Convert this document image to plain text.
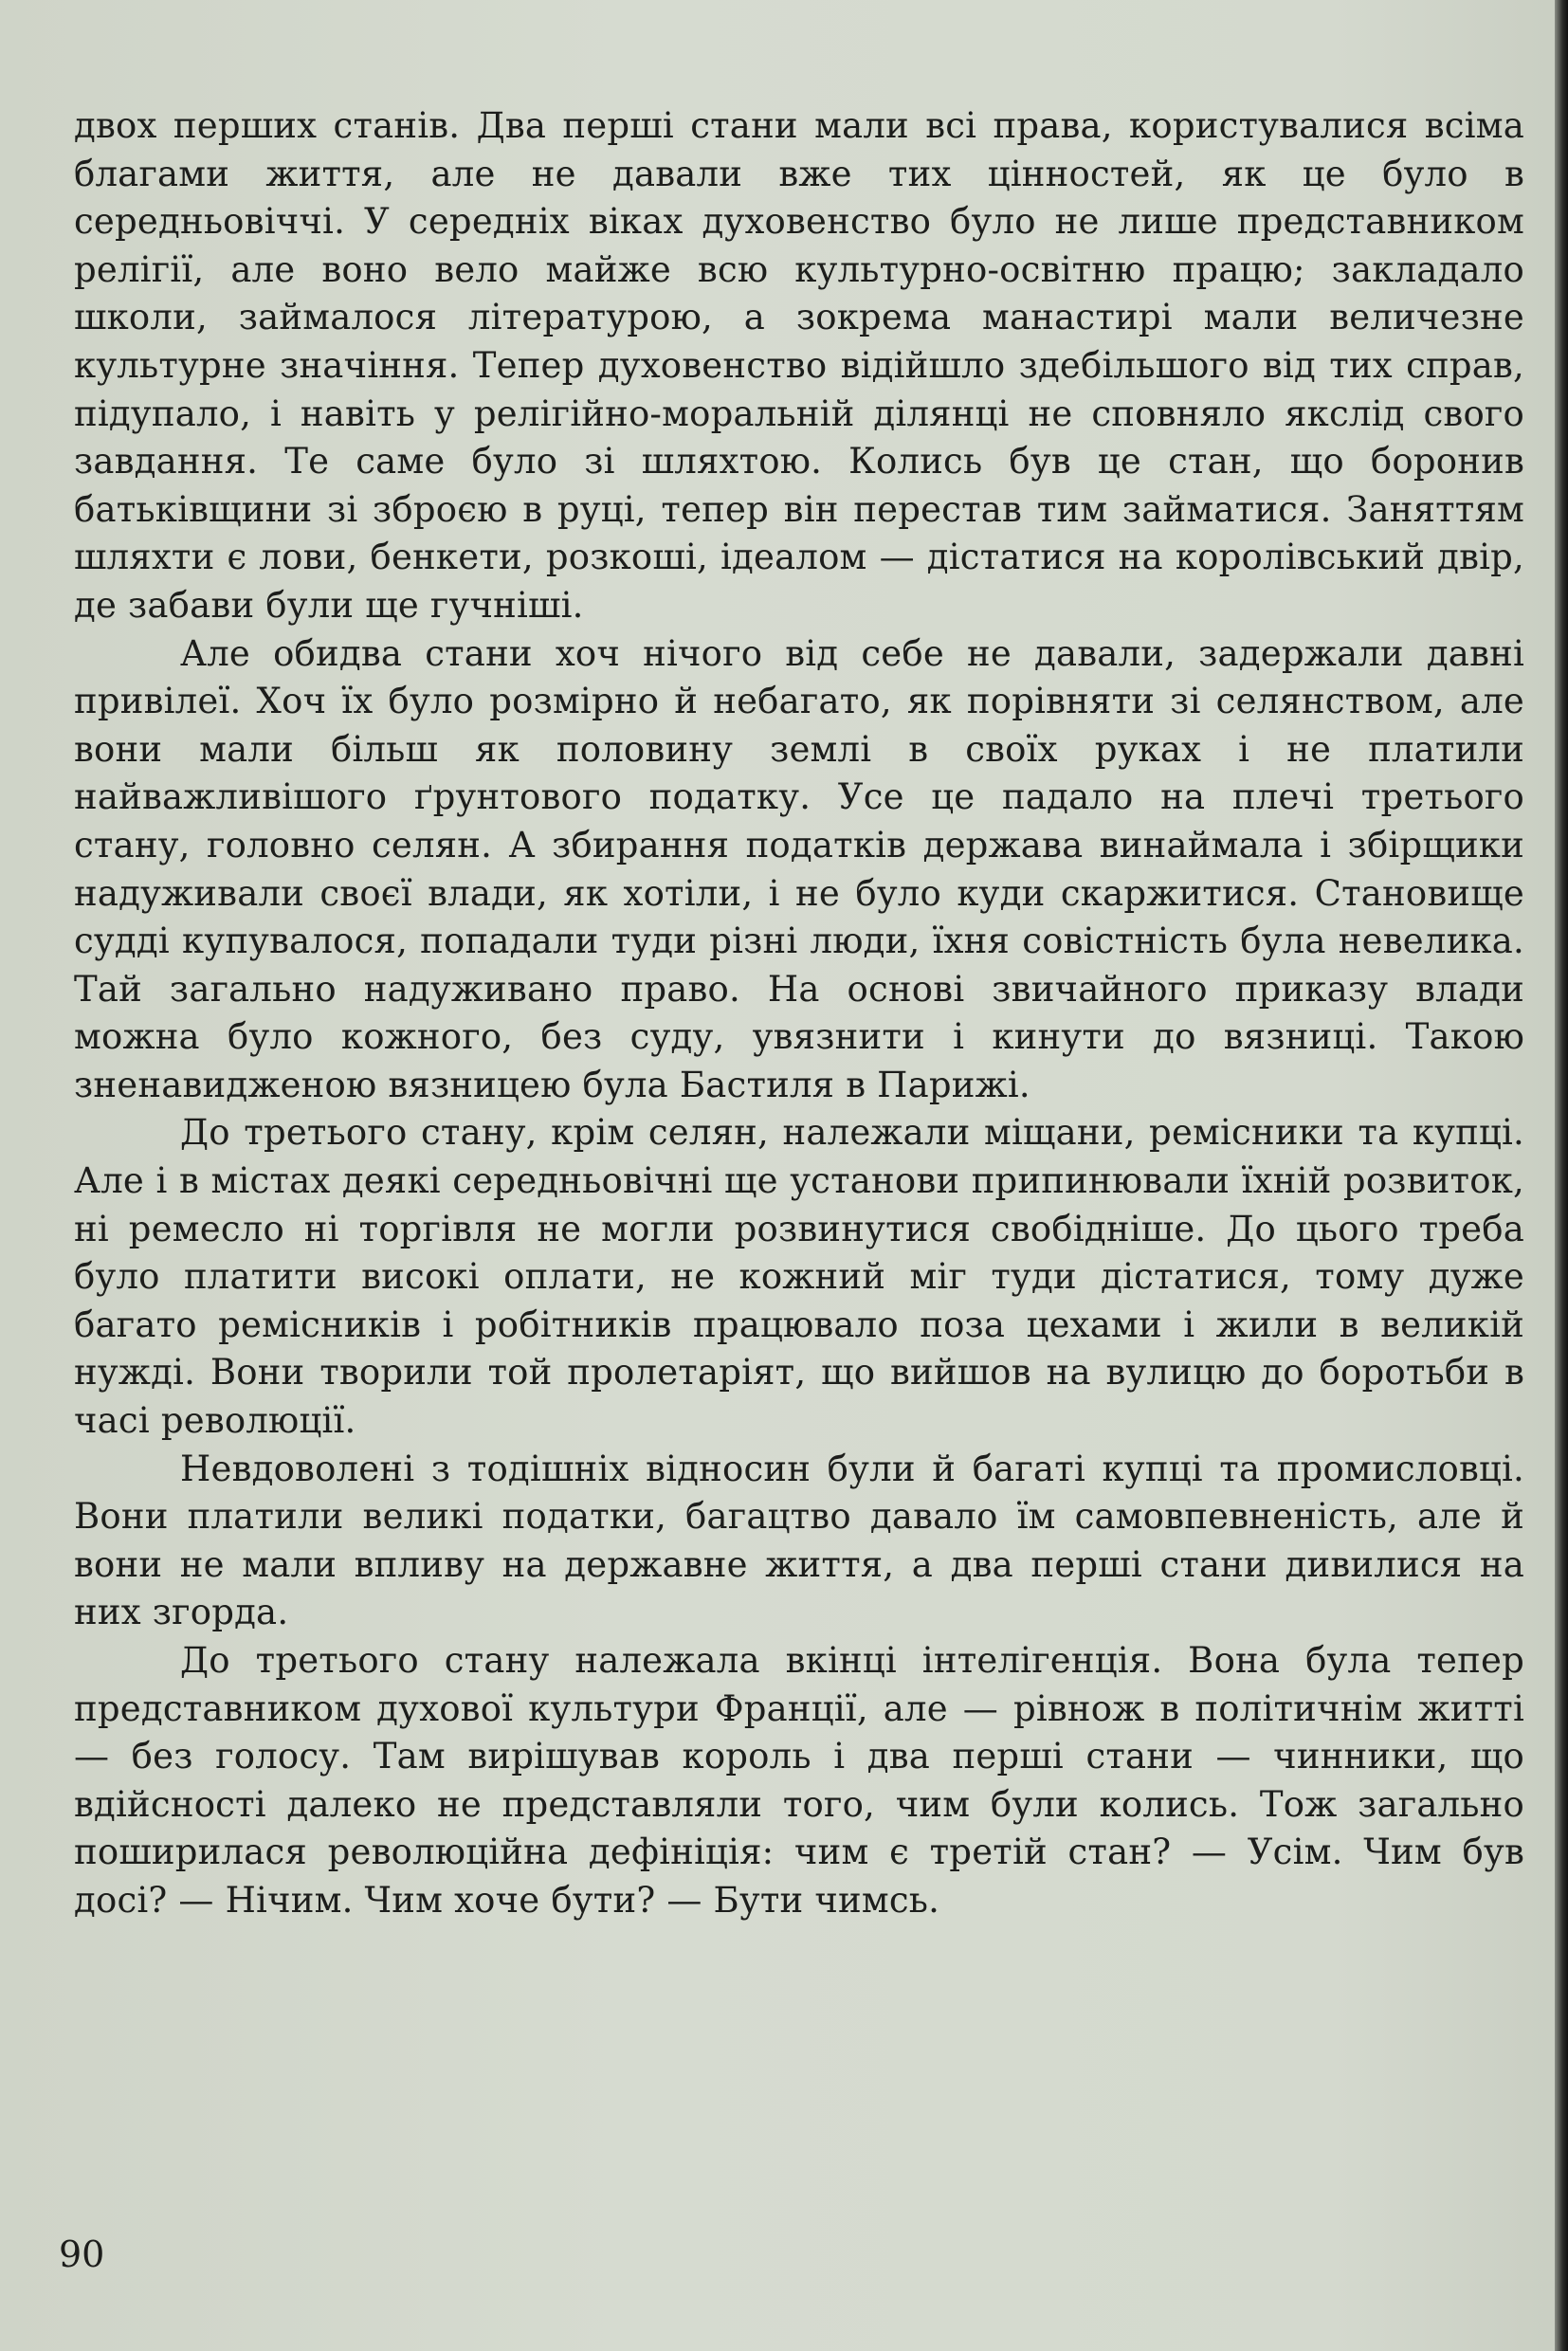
двох перших станів. Два перші стани мали всі права, користувалися всіма благами життя, але не давали вже тих цінностей, як це було в середньовіччі. У середніх віках духовенство було не лише представником релігії, але воно вело майже всю культурно-освітню працю; закладало школи, займалося літературою, а зокрема манастирі мали величезне культурне значіння. Тепер духовенство відійшло здебільшого від тих справ, підупало, і навіть у релігійно-моральній ділянці не сповняло якслід свого завдання. Те саме було зі шляхтою. Колись був це стан, що боронив батьківщини зі зброєю в руці, тепер він перестав тим займатися. Заняттям шляхти є лови, бенкети, розкоші, ідеалом — дістатися на королівський двір, де забави були ще гучніші.

Але обидва стани хоч нічого від себе не давали, задержали давні привілеї. Хоч їх було розмірно й небагато, як порівняти зі селянством, але вони мали більш як половину землі в своїх руках і не платили найважливішого ґрунтового податку. Усе це падало на плечі третього стану, головно селян. А збирання податків держава винаймала і збірщики надуживали своєї влади, як хотіли, і не було куди скаржитися. Становище судді купувалося, попадали туди різні люди, їхня совістність була невелика. Тай загально надуживано право. На основі звичайного приказу влади можна було кожного, без суду, увязнити і кинути до вязниці. Такою зненавидженою вязницею була Бастиля в Парижі.

До третього стану, крім селян, належали міщани, ремісники та купці. Але і в містах деякі середньовічні ще установи припинювали їхній розвиток, ні ремесло ні торгівля не могли розвинутися свобідніше. До цього треба було платити високі оплати, не кожний міг туди дістатися, тому дуже багато ремісників і робітників працювало поза цехами і жили в великій нужді. Вони творили той пролетаріят, що вийшов на вулицю до боротьби в часі революції.

Невдоволені з тодішніх відносин були й багаті купці та промисловці. Вони платили великі податки, багацтво давало їм самовпевненість, але й вони не мали впливу на державне життя, а два перші стани дивилися на них згорда.

До третього стану належала вкінці інтелігенція. Вона була тепер представником духової культури Франції, але — рівнож в політичнім житті — без голосу. Там вирішував король і два перші стани — чинники, що вдійсності далеко не представляли того, чим були колись. Тож загально поширилася революційна дефініція: чим є третій стан? — Усім. Чим був досі? — Нічим. Чим хоче бути? — Бути чимсь.

90
